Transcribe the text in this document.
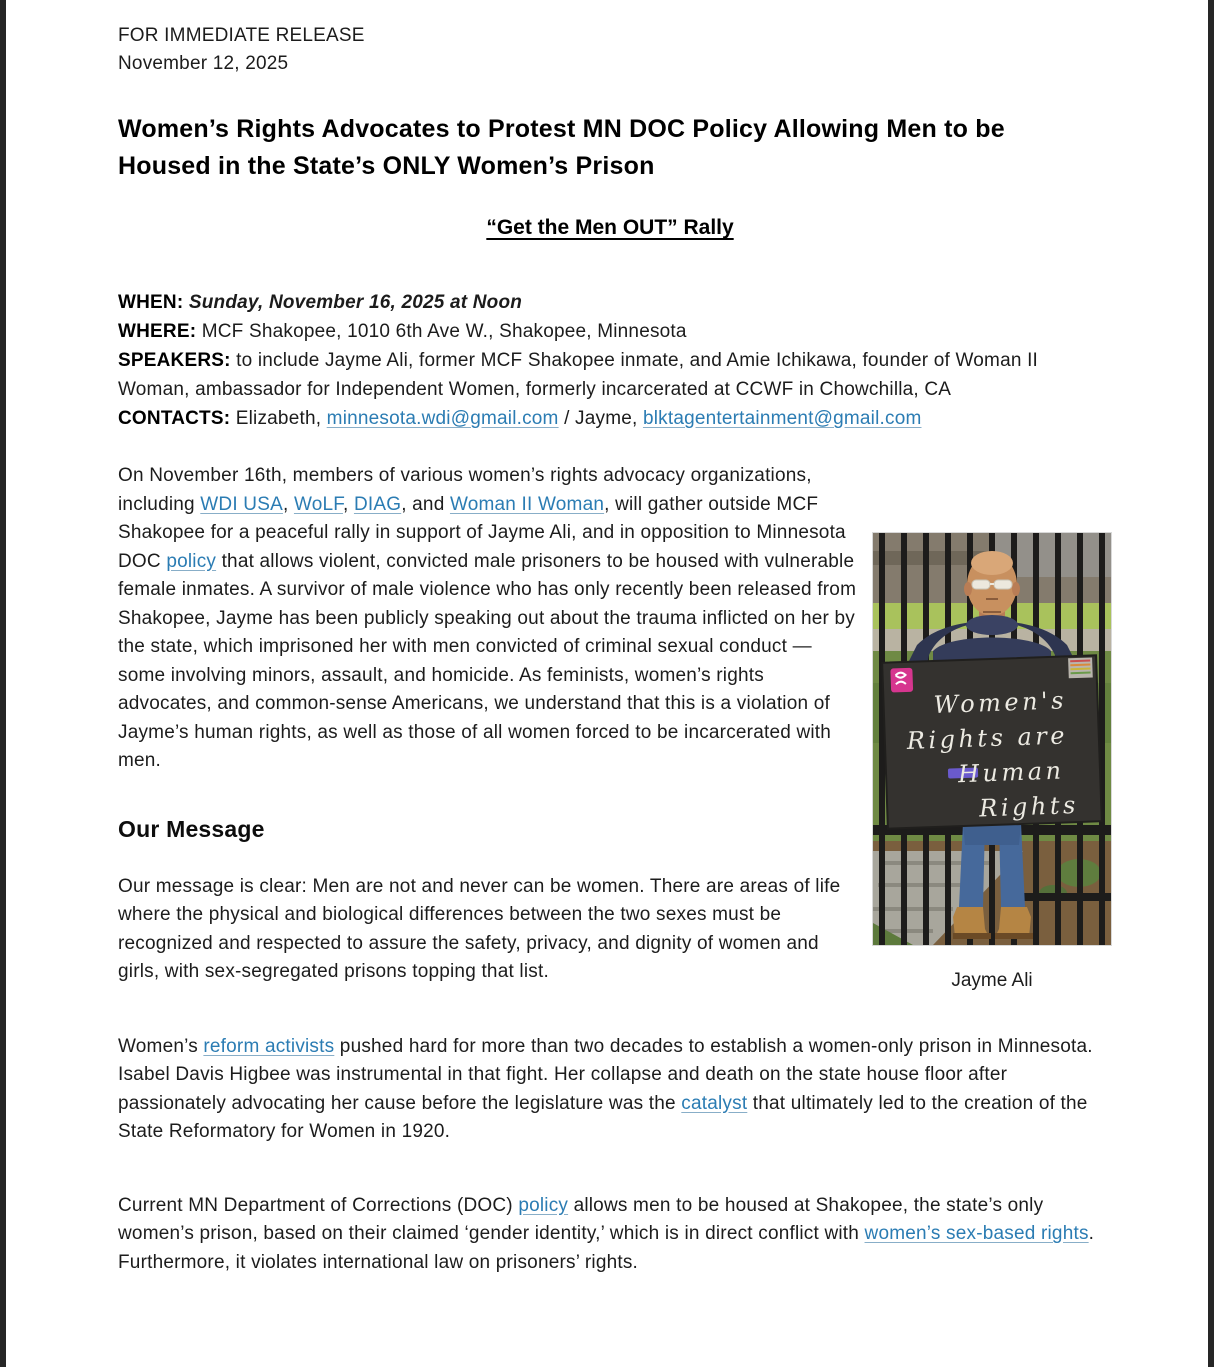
FOR IMMEDIATE RELEASE
November 12, 2025
Women’s Rights Advocates to Protest MN DOC Policy Allowing Men to be Housed in the State’s ONLY Women’s Prison
“Get the Men OUT” Rally
WHEN: Sunday, November 16, 2025 at Noon
WHERE: MCF Shakopee, 1010 6th Ave W., Shakopee, Minnesota
SPEAKERS: to include Jayme Ali, former MCF Shakopee inmate, and Amie Ichikawa, founder of Woman II Woman, ambassador for Independent Women, formerly incarcerated at CCWF in Chowchilla, CA
CONTACTS: Elizabeth, minnesota.wdi@gmail.com / Jayme, blktagentertainment@gmail.com

On November 16th, members of various women’s rights advocacy organizations, including WDI USA, WoLF, DIAG, and Woman II Woman, will gather outside MCF Shakopee for a peaceful rally in support of Jayme Ali, and in opposition to Minnesota DOC policy that allows violent, convicted male prisoners to be housed with vulnerable female inmates. A survivor of male violence who has only recently been released from Shakopee, Jayme has been publicly speaking out about the trauma inflicted on her by the state, which imprisoned her with men convicted of criminal sexual conduct — some involving minors, assault, and homicide. As feminists, women’s rights advocates, and common-sense Americans, we understand that this is a violation of Jayme’s human rights, as well as those of all women forced to be incarcerated with men.

Our Message

Our message is clear: Men are not and never can be women. There are areas of life where the physical and biological differences between the two sexes must be recognized and respected to assure the safety, privacy, and dignity of women and girls, with sex-segregated prisons topping that list.

Women’s reform activists pushed hard for more than two decades to establish a women-only prison in Minnesota. Isabel Davis Higbee was instrumental in that fight. Her collapse and death on the state house floor after passionately advocating her cause before the legislature was the catalyst that ultimately led to the creation of the State Reformatory for Women in 1920.

Current MN Department of Corrections (DOC) policy allows men to be housed at Shakopee, the state’s only women’s prison, based on their claimed ‘gender identity,’ which is in direct conflict with women’s sex-based rights. Furthermore, it violates international law on prisoners’ rights.

Women's
Rights are
Human
Rights
Jayme Ali
